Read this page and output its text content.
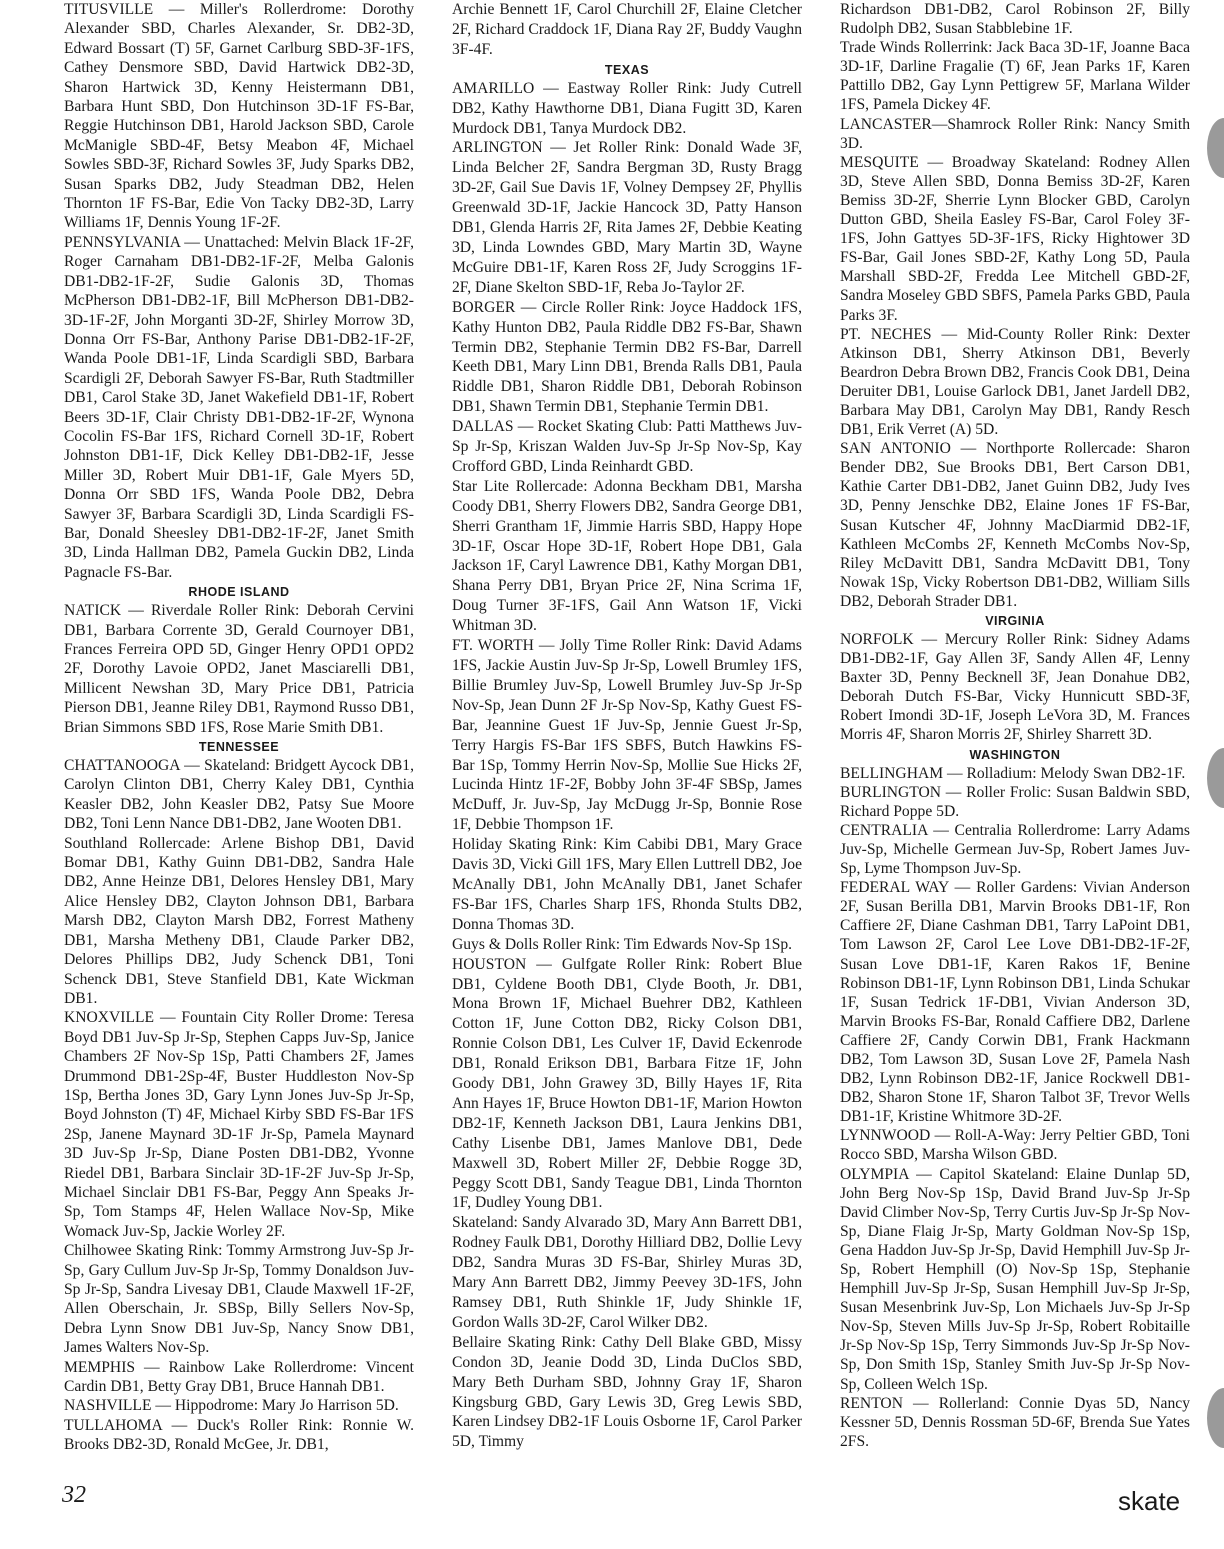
TITUSVILLE — Miller's Rollerdrome: Dorothy Alexander SBD, Charles Alexander, Sr. DB2-3D, Edward Bossart (T) 5F, Garnet Carlburg SBD-3F-1FS, Cathey Densmore SBD, David Hartwick DB2-3D, Sharon Hartwick 3D, Kenny Heistermann DB1, Barbara Hunt SBD, Don Hutchinson 3D-1F FS-Bar, Reggie Hutchinson DB1, Harold Jackson SBD, Carole McManigle SBD-4F, Betsy Meabon 4F, Michael Sowles SBD-3F, Richard Sowles 3F, Judy Sparks DB2, Susan Sparks DB2, Judy Steadman DB2, Helen Thornton 1F FS-Bar, Edie Von Tacky DB2-3D, Larry Williams 1F, Dennis Young 1F-2F.
PENNSYLVANIA — Unattached: Melvin Black 1F-2F, Roger Carnaham DB1-DB2-1F-2F, Melba Galonis DB1-DB2-1F-2F, Sudie Galonis 3D, Thomas McPherson DB1-DB2-1F, Bill McPherson DB1-DB2-3D-1F-2F, John Morganti 3D-2F, Shirley Morrow 3D, Donna Orr FS-Bar, Anthony Parise DB1-DB2-1F-2F, Wanda Poole DB1-1F, Linda Scardigli SBD, Barbara Scardigli 2F, Deborah Sawyer FS-Bar, Ruth Stadtmiller DB1, Carol Stake 3D, Janet Wakefield DB1-1F, Robert Beers 3D-1F, Clair Christy DB1-DB2-1F-2F, Wynona Cocolin FS-Bar 1FS, Richard Cornell 3D-1F, Robert Johnston DB1-1F, Dick Kelley DB1-DB2-1F, Jesse Miller 3D, Robert Muir DB1-1F, Gale Myers 5D, Donna Orr SBD 1FS, Wanda Poole DB2, Debra Sawyer 3F, Barbara Scardigli 3D, Linda Scardigli FS-Bar, Donald Sheesley DB1-DB2-1F-2F, Janet Smith 3D, Linda Hallman DB2, Pamela Guckin DB2, Linda Pagnacle FS-Bar.
RHODE ISLAND
NATICK — Riverdale Roller Rink: Deborah Cervini DB1, Barbara Corrente 3D, Gerald Cournoyer DB1, Frances Ferreira OPD 5D, Ginger Henry OPD1 OPD2 2F, Dorothy Lavoie OPD2, Janet Masciarelli DB1, Millicent Newshan 3D, Mary Price DB1, Patricia Pierson DB1, Jeanne Riley DB1, Raymond Russo DB1, Brian Simmons SBD 1FS, Rose Marie Smith DB1.
TENNESSEE
CHATTANOOGA — Skateland: Bridgett Aycock DB1, Carolyn Clinton DB1, Cherry Kaley DB1, Cynthia Keasler DB2, John Keasler DB2, Patsy Sue Moore DB2, Toni Lenn Nance DB1-DB2, Jane Wooten DB1.
Southland Rollercade: Arlene Bishop DB1, David Bomar DB1, Kathy Guinn DB1-DB2, Sandra Hale DB2, Anne Heinze DB1, Delores Hensley DB1, Mary Alice Hensley DB2, Clayton Johnson DB1, Barbara Marsh DB2, Clayton Marsh DB2, Forrest Matheny DB1, Marsha Metheny DB1, Claude Parker DB2, Delores Phillips DB2, Judy Schenck DB1, Toni Schenck DB1, Steve Stanfield DB1, Kate Wickman DB1.
KNOXVILLE — Fountain City Roller Drome: Teresa Boyd DB1 Juv-Sp Jr-Sp, Stephen Capps Juv-Sp, Janice Chambers 2F Nov-Sp 1Sp, Patti Chambers 2F, James Drummond DB1-2Sp-4F, Buster Huddleston Nov-Sp 1Sp, Bertha Jones 3D, Gary Lynn Jones Juv-Sp Jr-Sp, Boyd Johnston (T) 4F, Michael Kirby SBD FS-Bar 1FS 2Sp, Janene Maynard 3D-1F Jr-Sp, Pamela Maynard 3D Juv-Sp Jr-Sp, Diane Posten DB1-DB2, Yvonne Riedel DB1, Barbara Sinclair 3D-1F-2F Juv-Sp Jr-Sp, Michael Sinclair DB1 FS-Bar, Peggy Ann Speaks Jr-Sp, Tom Stamps 4F, Helen Wallace Nov-Sp, Mike Womack Juv-Sp, Jackie Worley 2F.
Chilhowee Skating Rink: Tommy Armstrong Juv-Sp Jr-Sp, Gary Cullum Juv-Sp Jr-Sp, Tommy Donaldson Juv-Sp Jr-Sp, Sandra Livesay DB1, Claude Maxwell 1F-2F, Allen Oberschain, Jr. SBSp, Billy Sellers Nov-Sp, Debra Lynn Snow DB1 Juv-Sp, Nancy Snow DB1, James Walters Nov-Sp.
MEMPHIS — Rainbow Lake Rollerdrome: Vincent Cardin DB1, Betty Gray DB1, Bruce Hannah DB1.
NASHVILLE — Hippodrome: Mary Jo Harrison 5D.
TULLAHOMA — Duck's Roller Rink: Ronnie W. Brooks DB2-3D, Ronald McGee, Jr. DB1,
Archie Bennett 1F, Carol Churchill 2F, Elaine Cletcher 2F, Richard Craddock 1F, Diana Ray 2F, Buddy Vaughn 3F-4F.
TEXAS
AMARILLO — Eastway Roller Rink: Judy Cutrell DB2, Kathy Hawthorne DB1, Diana Fugitt 3D, Karen Murdock DB1, Tanya Murdock DB2.
ARLINGTON — Jet Roller Rink: Donald Wade 3F, Linda Belcher 2F, Sandra Bergman 3D, Rusty Bragg 3D-2F, Gail Sue Davis 1F, Volney Dempsey 2F, Phyllis Greenwald 3D-1F, Jackie Hancock 3D, Patty Hanson DB1, Glenda Harris 2F, Rita James 2F, Debbie Keating 3D, Linda Lowndes GBD, Mary Martin 3D, Wayne McGuire DB1-1F, Karen Ross 2F, Judy Scroggins 1F-2F, Diane Skelton SBD-1F, Reba Jo-Taylor 2F.
BORGER — Circle Roller Rink: Joyce Haddock 1FS, Kathy Hunton DB2, Paula Riddle DB2 FS-Bar, Shawn Termin DB2, Stephanie Termin DB2 FS-Bar, Darrell Keeth DB1, Mary Linn DB1, Brenda Ralls DB1, Paula Riddle DB1, Sharon Riddle DB1, Deborah Robinson DB1, Shawn Termin DB1, Stephanie Termin DB1.
DALLAS — Rocket Skating Club: Patti Matthews Juv-Sp Jr-Sp, Kriszan Walden Juv-Sp Jr-Sp Nov-Sp, Kay Crofford GBD, Linda Reinhardt GBD.
Star Lite Rollercade: Adonna Beckham DB1, Marsha Coody DB1, Sherry Flowers DB2, Sandra George DB1, Sherri Grantham 1F, Jimmie Harris SBD, Happy Hope 3D-1F, Oscar Hope 3D-1F, Robert Hope DB1, Gala Jackson 1F, Caryl Lawrence DB1, Kathy Morgan DB1, Shana Perry DB1, Bryan Price 2F, Nina Scrima 1F, Doug Turner 3F-1FS, Gail Ann Watson 1F, Vicki Whitman 3D.
FT. WORTH — Jolly Time Roller Rink: David Adams 1FS, Jackie Austin Juv-Sp Jr-Sp, Lowell Brumley 1FS, Billie Brumley Juv-Sp, Lowell Brumley Juv-Sp Jr-Sp Nov-Sp, Jean Dunn 2F Jr-Sp Nov-Sp, Kathy Guest FS-Bar, Jeannine Guest 1F Juv-Sp, Jennie Guest Jr-Sp, Terry Hargis FS-Bar 1FS SBFS, Butch Hawkins FS-Bar 1Sp, Tommy Herrin Nov-Sp, Mollie Sue Hicks 2F, Lucinda Hintz 1F-2F, Bobby John 3F-4F SBSp, James McDuff, Jr. Juv-Sp, Jay McDugg Jr-Sp, Bonnie Rose 1F, Debbie Thompson 1F.
Holiday Skating Rink: Kim Cabibi DB1, Mary Grace Davis 3D, Vicki Gill 1FS, Mary Ellen Luttrell DB2, Joe McAnally DB1, John McAnally DB1, Janet Schafer FS-Bar 1FS, Charles Sharp 1FS, Rhonda Stults DB2, Donna Thomas 3D.
Guys & Dolls Roller Rink: Tim Edwards Nov-Sp 1Sp.
HOUSTON — Gulfgate Roller Rink: Robert Blue DB1, Cyldene Booth DB1, Clyde Booth, Jr. DB1, Mona Brown 1F, Michael Buehrer DB2, Kathleen Cotton 1F, June Cotton DB2, Ricky Colson DB1, Ronnie Colson DB1, Les Culver 1F, David Eckenrode DB1, Ronald Erikson DB1, Barbara Fitze 1F, John Goody DB1, John Grawey 3D, Billy Hayes 1F, Rita Ann Hayes 1F, Bruce Howton DB1-1F, Marion Howton DB2-1F, Kenneth Jackson DB1, Laura Jenkins DB1, Cathy Lisenbe DB1, James Manlove DB1, Dede Maxwell 3D, Robert Miller 2F, Debbie Rogge 3D, Peggy Scott DB1, Sandy Teague DB1, Linda Thornton 1F, Dudley Young DB1.
Skateland: Sandy Alvarado 3D, Mary Ann Barrett DB1, Rodney Faulk DB1, Dorothy Hilliard DB2, Dollie Levy DB2, Sandra Muras 3D FS-Bar, Shirley Muras 3D, Mary Ann Barrett DB2, Jimmy Peevey 3D-1FS, John Ramsey DB1, Ruth Shinkle 1F, Judy Shinkle 1F, Gordon Walls 3D-2F, Carol Wilker DB2.
Bellaire Skating Rink: Cathy Dell Blake GBD, Missy Condon 3D, Jeanie Dodd 3D, Linda DuClos SBD, Mary Beth Durham SBD, Johnny Gray 1F, Sharon Kingsburg GBD, Gary Lewis 3D, Greg Lewis SBD, Karen Lindsey DB2-1F Louis Osborne 1F, Carol Parker 5D, Timmy
Richardson DB1-DB2, Carol Robinson 2F, Billy Rudolph DB2, Susan Stabblebine 1F.
Trade Winds Rollerrink: Jack Baca 3D-1F, Joanne Baca 3D-1F, Darline Fragalie (T) 6F, Jean Parks 1F, Karen Pattillo DB2, Gay Lynn Pettigrew 5F, Marlana Wilder 1FS, Pamela Dickey 4F.
LANCASTER—Shamrock Roller Rink: Nancy Smith 3D.
MESQUITE — Broadway Skateland: Rodney Allen 3D, Steve Allen SBD, Donna Bemiss 3D-2F, Karen Bemiss 3D-2F, Sherrie Lynn Blocker GBD, Carolyn Dutton GBD, Sheila Easley FS-Bar, Carol Foley 3F-1FS, John Gattyes 5D-3F-1FS, Ricky Hightower 3D FS-Bar, Gail Jones SBD-2F, Kathy Long 5D, Paula Marshall SBD-2F, Fredda Lee Mitchell GBD-2F, Sandra Moseley GBD SBFS, Pamela Parks GBD, Paula Parks 3F.
PT. NECHES — Mid-County Roller Rink: Dexter Atkinson DB1, Sherry Atkinson DB1, Beverly Beardron Debra Brown DB2, Francis Cook DB1, Deina Deruiter DB1, Louise Garlock DB1, Janet Jardell DB2, Barbara May DB1, Carolyn May DB1, Randy Resch DB1, Erik Verret (A) 5D.
SAN ANTONIO — Northporte Rollercade: Sharon Bender DB2, Sue Brooks DB1, Bert Carson DB1, Kathie Carter DB1-DB2, Janet Guinn DB2, Judy Ives 3D, Penny Jenschke DB2, Elaine Jones 1F FS-Bar, Susan Kutscher 4F, Johnny MacDiarmid DB2-1F, Kathleen McCombs 2F, Kenneth McCombs Nov-Sp, Riley McDavitt DB1, Sandra McDavitt DB1, Tony Nowak 1Sp, Vicky Robertson DB1-DB2, William Sills DB2, Deborah Strader DB1.
VIRGINIA
NORFOLK — Mercury Roller Rink: Sidney Adams DB1-DB2-1F, Gay Allen 3F, Sandy Allen 4F, Lenny Baxter 3D, Penny Becknell 3F, Jean Donahue DB2, Deborah Dutch FS-Bar, Vicky Hunnicutt SBD-3F, Robert Imondi 3D-1F, Joseph LeVora 3D, M. Frances Morris 4F, Sharon Morris 2F, Shirley Sharrett 3D.
WASHINGTON
BELLINGHAM — Rolladium: Melody Swan DB2-1F.
BURLINGTON — Roller Frolic: Susan Baldwin SBD, Richard Poppe 5D.
CENTRALIA — Centralia Rollerdrome: Larry Adams Juv-Sp, Michelle Germean Juv-Sp, Robert James Juv-Sp, Lyme Thompson Juv-Sp.
FEDERAL WAY — Roller Gardens: Vivian Anderson 2F, Susan Berilla DB1, Marvin Brooks DB1-1F, Ron Caffiere 2F, Diane Cashman DB1, Tarry LaPoint DB1, Tom Lawson 2F, Carol Lee Love DB1-DB2-1F-2F, Susan Love DB1-1F, Karen Rakos 1F, Benine Robinson DB1-1F, Lynn Robinson DB1, Linda Schukar 1F, Susan Tedrick 1F-DB1, Vivian Anderson 3D, Marvin Brooks FS-Bar, Ronald Caffiere DB2, Darlene Caffiere 2F, Candy Corwin DB1, Frank Hackmann DB2, Tom Lawson 3D, Susan Love 2F, Pamela Nash DB2, Lynn Robinson DB2-1F, Janice Rockwell DB1-DB2, Sharon Stone 1F, Sharon Talbot 3F, Trevor Wells DB1-1F, Kristine Whitmore 3D-2F.
LYNNWOOD — Roll-A-Way: Jerry Peltier GBD, Toni Rocco SBD, Marsha Wilson GBD.
OLYMPIA — Capitol Skateland: Elaine Dunlap 5D, John Berg Nov-Sp 1Sp, David Brand Juv-Sp Jr-Sp David Climber Nov-Sp, Terry Curtis Juv-Sp Jr-Sp Nov-Sp, Diane Flaig Jr-Sp, Marty Goldman Nov-Sp 1Sp, Gena Haddon Juv-Sp Jr-Sp, David Hemphill Juv-Sp Jr-Sp, Robert Hemphill (O) Nov-Sp 1Sp, Stephanie Hemphill Juv-Sp Jr-Sp, Susan Hemphill Juv-Sp Jr-Sp, Susan Mesenbrink Juv-Sp, Lon Michaels Juv-Sp Jr-Sp Nov-Sp, Steven Mills Juv-Sp Jr-Sp, Robert Robitaille Jr-Sp Nov-Sp 1Sp, Terry Simmonds Juv-Sp Jr-Sp Nov-Sp, Don Smith 1Sp, Stanley Smith Juv-Sp Jr-Sp Nov-Sp, Colleen Welch 1Sp.
RENTON — Rollerland: Connie Dyas 5D, Nancy Kessner 5D, Dennis Rossman 5D-6F, Brenda Sue Yates 2FS.
32	skate
